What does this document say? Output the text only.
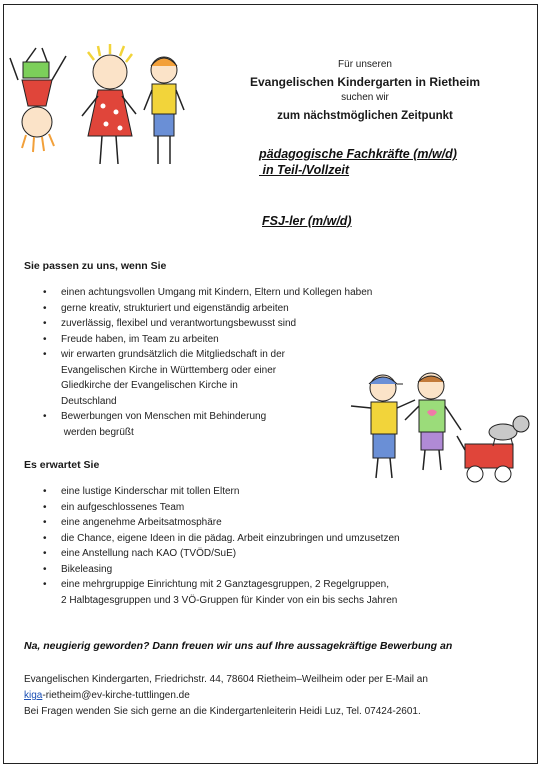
Für unseren
Evangelischen Kindergarten in Rietheim
suchen wir
zum nächstmöglichen Zeitpunkt
pädagogische Fachkräfte (m/w/d)
in Teil-/Vollzeit
FSJ-ler (m/w/d)
Sie passen zu uns, wenn Sie
• einen achtungsvollen Umgang mit Kindern, Eltern und Kollegen haben
• gerne kreativ, strukturiert und eigenständig arbeiten
• zuverlässig, flexibel und verantwortungsbewusst sind
• Freude haben, im Team zu arbeiten
• wir erwarten grundsätzlich die Mitgliedschaft in der
Evangelischen Kirche in Württemberg oder einer
Gliedkirche der Evangelischen Kirche in
Deutschland
• Bewerbungen von Menschen mit Behinderung
werden begrüßt
Es erwartet Sie
• eine lustige Kinderschar mit tollen Eltern
• ein aufgeschlossenes Team
• eine angenehme Arbeitsatmosphäre
• die Chance, eigene Ideen in die pädag. Arbeit einzubringen und umzusetzen
• eine Anstellung nach KAO (TVÖD/SuE)
• Bikeleasing
• eine mehrgruppige Einrichtung mit 2 Ganztagesgruppen, 2 Regelgruppen,
2 Halbtagesgruppen und 3 VÖ-Gruppen für Kinder von ein bis sechs Jahren
Na, neugierig geworden? Dann freuen wir uns auf Ihre aussagekräftige Bewerbung an
Evangelischen Kindergarten, Friedrichstr. 44, 78604 Rietheim–Weilheim oder per E-Mail an
kiga-rietheim@ev-kirche-tuttlingen.de
Bei Fragen wenden Sie sich gerne an die Kindergartenleiterin Heidi Luz, Tel. 07424-2601.
